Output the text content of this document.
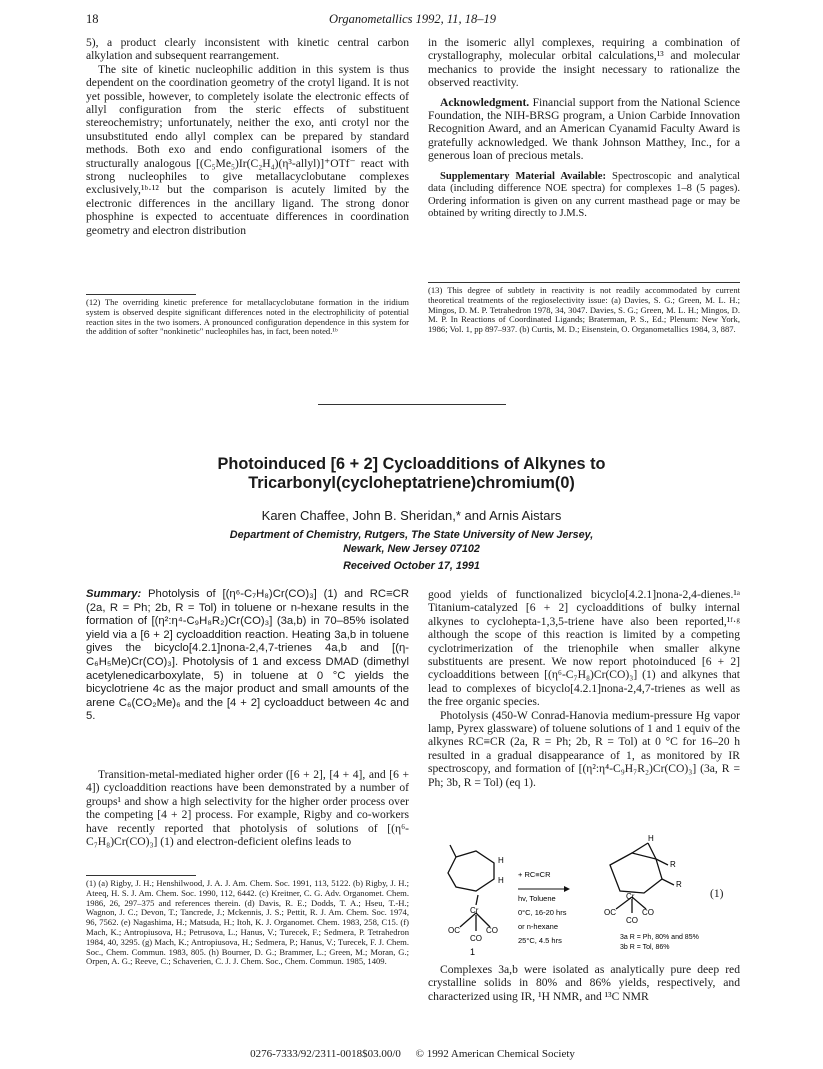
18	Organometallics 1992, 11, 18–19

5), a product clearly inconsistent with kinetic central carbon alkylation and subsequent rearrangement.

The site of kinetic nucleophilic addition in this system is thus dependent on the coordination geometry of the crotyl ligand. It is not yet possible, however, to completely isolate the electronic effects of allyl configuration from the steric effects of substituent stereochemistry; unfortunately, neither the exo, anti crotyl nor the unsubstituted endo allyl complex can be prepared by standard methods. Both exo and endo configurational isomers of the structurally analogous [(C₅Me₅)Ir(C₂H₄)(η³-allyl)]⁺OTf⁻ react with strong nucleophiles to give metallacyclobutane complexes exclusively,¹ᵇ·¹² but the comparison is acutely limited by the electronic differences in the ancillary ligand. The strong donor phosphine is expected to accentuate differences in coordination geometry and electron distribution

(12) The overriding kinetic preference for metallacyclobutane formation in the iridium system is observed despite significant differences noted in the electrophilicity of potential reaction sites in the two isomers. A pronounced configuration dependence in this system for the addition of softer "nonkinetic" nucleophiles has, in fact, been noted.¹ᵇ

in the isomeric allyl complexes, requiring a combination of crystallography, molecular orbital calculations,¹³ and molecular mechanics to provide the insight necessary to rationalize the observed reactivity.

Acknowledgment. Financial support from the National Science Foundation, the NIH-BRSG program, a Union Carbide Innovation Recognition Award, and an American Cyanamid Faculty Award is gratefully acknowledged. We thank Johnson Matthey, Inc., for a generous loan of precious metals.

Supplementary Material Available: Spectroscopic and analytical data (including difference NOE spectra) for complexes 1–8 (5 pages). Ordering information is given on any current masthead page or may be obtained by writing directly to J.M.S.

(13) This degree of subtlety in reactivity is not readily accommodated by current theoretical treatments of the regioselectivity issue: (a) Davies, S. G.; Green, M. L. H.; Mingos, D. M. P. Tetrahedron 1978, 34, 3047. Davies, S. G.; Green, M. L. H.; Mingos, D. M. P. In Reactions of Coordinated Ligands; Braterman, P. S., Ed.; Plenum: New York, 1986; Vol. 1, pp 897–937. (b) Curtis, M. D.; Eisenstein, O. Organometallics 1984, 3, 887.
Photoinduced [6 + 2] Cycloadditions of Alkynes to
Tricarbonyl(cycloheptatriene)chromium(0)
Karen Chaffee, John B. Sheridan,* and Arnis Aistars
Department of Chemistry, Rutgers, The State University of New Jersey,
Newark, New Jersey 07102
Received October 17, 1991
Summary: Photolysis of [(η⁶-C₇H₈)Cr(CO)₃] (1) and RC≡CR (2a, R = Ph; 2b, R = Tol) in toluene or n-hexane results in the formation of [(η²:η⁴-C₉H₈R₂)Cr(CO)₃] (3a,b) in 70–85% isolated yield via a [6 + 2] cycloaddition reaction. Heating 3a,b in toluene gives the bicyclo[4.2.1]nona-2,4,7-trienes 4a,b and [(η-C₆H₅Me)Cr(CO)₃]. Photolysis of 1 and excess DMAD (dimethyl acetylenedicarboxylate, 5) in toluene at 0 °C yields the bicyclotriene 4c as the major product and small amounts of the arene C₆(CO₂Me)₆ and the [4 + 2] cycloadduct between 4c and 5.

Transition-metal-mediated higher order ([6 + 2], [4 + 4], and [6 + 4]) cycloaddition reactions have been demonstrated by a number of groups¹ and show a high selectivity for the higher order process over the competing [4 + 2] process. For example, Rigby and co-workers have recently reported that photolysis of solutions of [(η⁶-C₇H₈)Cr(CO)₃] (1) and electron-deficient olefins leads to

(1) (a) Rigby, J. H.; Henshilwood, J. A. J. Am. Chem. Soc. 1991, 113, 5122. (b) Rigby, J. H.; Ateeq, H. S. J. Am. Chem. Soc. 1990, 112, 6442. (c) Kreitner, C. G. Adv. Organomet. Chem. 1986, 26, 297–375 and references therein. (d) Davis, R. E.; Dodds, T. A.; Hseu, T.-H.; Wagnon, J. C.; Devon, T.; Tancrede, J.; Mckennis, J. S.; Pettit, R. J. Am. Chem. Soc. 1974, 96, 7562. (e) Nagashima, H.; Matsuda, H.; Itoh, K. J. Organomet. Chem. 1983, 258, C15. (f) Mach, K.; Antropiusova, H.; Petrusova, L.; Hanus, V.; Turecek, F.; Sedmera, P. Tetrahedron 1984, 40, 3295. (g) Mach, K.; Antropiusova, H.; Sedmera, P.; Hanus, V.; Turecek, F. J. Chem. Soc., Chem. Commun. 1983, 805. (h) Bourner, D. G.; Brammer, L.; Green, M.; Moran, G.; Orpen, A. G.; Reeve, C.; Schaverien, C. J. J. Chem. Soc., Chem. Commun. 1985, 1409.

good yields of functionalized bicyclo[4.2.1]nona-2,4-dienes.¹ᵃ Titanium-catalyzed [6 + 2] cycloadditions of bulky internal alkynes to cyclohepta-1,3,5-triene have also been reported,¹ᶠ·ᵍ although the scope of this reaction is limited by a competing cyclotrimerization of the trienophile when smaller alkyne substituents are present. We now report photoinduced [6 + 2] cycloadditions between [(η⁶-C₇H₈)Cr(CO)₃] (1) and alkynes that lead to complexes of bicyclo[4.2.1]nona-2,4,7-trienes as well as the free organic species.

Photolysis (450-W Conrad-Hanovia medium-pressure Hg vapor lamp, Pyrex glassware) of toluene solutions of 1 and 1 equiv of the alkynes RC≡CR (2a, R = Ph; 2b, R = Tol) at 0 °C for 16–20 h resulted in a gradual disappearance of 1, as monitored by IR spectroscopy, and formation of [(η²:η⁴-C₉H₇R₂)Cr(CO)₃] (3a, R = Ph; 3b, R = Tol) (eq 1).

H
H
Cr
OC	CO
CO
1
+ RC≡CR
hv, Toluene
0°C, 16-20 hrs
or n-hexane
25°C, 4.5 hrs
H
R
R
Cr
OC	CO
CO
3a R = Ph, 80% and 85%
3b R = Tol, 86%
(1)

Complexes 3a,b were isolated as analytically pure deep red crystalline solids in 80% and 86% yields, respectively, and characterized using IR, ¹H NMR, and ¹³C NMR

0276-7333/92/2311-0018$03.00/0 © 1992 American Chemical Society
